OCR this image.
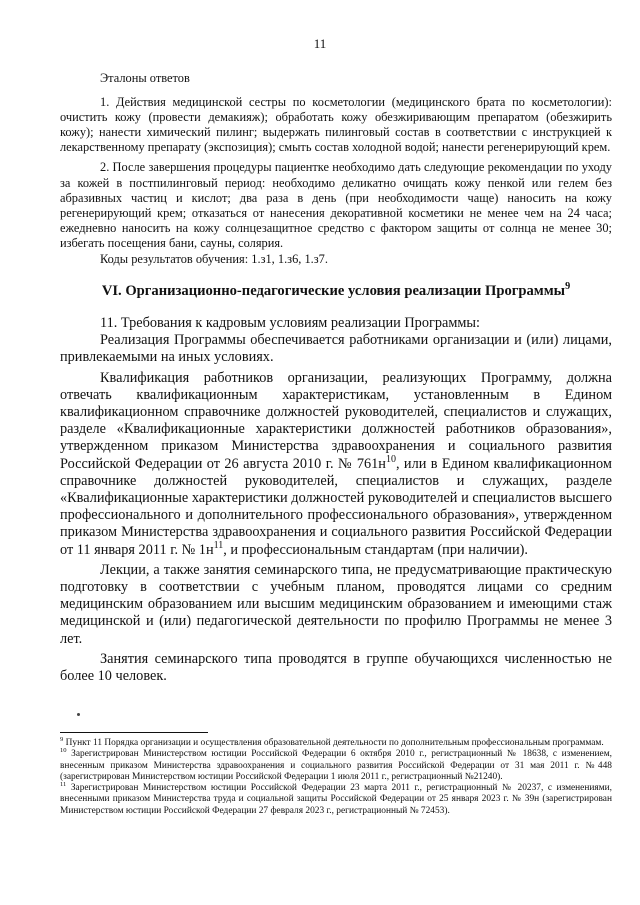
11

Эталоны ответов

1. Действия медицинской сестры по косметологии (медицинского брата по косметологии): очистить кожу (провести демакияж); обработать кожу обезжиривающим препаратом (обезжирить кожу); нанести химический пилинг; выдержать пилинговый состав в соответствии с инструкцией к лекарственному препарату (экспозиция); смыть состав холодной водой; нанести регенерирующий крем.

2. После завершения процедуры пациентке необходимо дать следующие рекомендации по уходу за кожей в постпилинговый период: необходимо деликатно очищать кожу пенкой или гелем без абразивных частиц и кислот; два раза в день (при необходимости чаще) наносить на кожу регенерирующий крем; отказаться от нанесения декоративной косметики не менее чем на 24 часа; ежедневно наносить на кожу солнцезащитное средство с фактором защиты от солнца не менее 30; избегать посещения бани, сауны, солярия.

Коды результатов обучения: 1.з1, 1.з6, 1.з7.

VI. Организационно-педагогические условия реализации Программы$^9$

11. Требования к кадровым условиям реализации Программы:

Реализация Программы обеспечивается работниками организации и (или) лицами, привлекаемыми на иных условиях.

Квалификация работников организации, реализующих Программу, должна отвечать квалификационным характеристикам, установленным в Едином квалификационном справочнике должностей руководителей, специалистов и служащих, разделе «Квалификационные характеристики должностей работников образования», утвержденном приказом Министерства здравоохранения и социального развития Российской Федерации от 26 августа 2010 г. № $761н^{10}$, или в Едином квалификационном справочнике должностей руководителей, специалистов и служащих, разделе «Квалификационные характеристики должностей руководителей и специалистов высшего профессионального и дополнительного профессионального образования», утвержденном приказом Министерства здравоохранения и социального развития Российской Федерации от 11 января 2011 г. № $1н^{11}$, и профессиональным стандартам (при наличии).

Лекции, а также занятия семинарского типа, не предусматривающие практическую подготовку в соответствии с учебным планом, проводятся лицами со средним медицинским образованием или высшим медицинским образованием и имеющими стаж медицинской и (или) педагогической деятельности по профилю Программы не менее 3 лет.

Занятия семинарского типа проводятся в группе обучающихся численностью не более 10 человек.

$^9$ Пункт 11 Порядка организации и осуществления образовательной деятельности по дополнительным профессиональным программам.

$^{10}$ Зарегистрирован Министерством юстиции Российской Федерации 6 октября 2010 г., регистрационный № 18638, с изменением, внесенным приказом Министерства здравоохранения и социального развития Российской Федерации от 31 мая 2011 г. №448 (зарегистрирован Министерством юстиции Российской Федерации 1 июля 2011 г., регистрационный №21240).

$^{11}$ Зарегистрирован Министерством юстиции Российской Федерации 23 марта 2011 г., регистрационный № 20237, с изменениями, внесенными приказом Министерства труда и социальной защиты Российской Федерации от 25 января 2023 г. № 39н (зарегистрирован Министерством юстиции Российской Федерации 27 февраля 2023 г., регистрационный № 72453).
